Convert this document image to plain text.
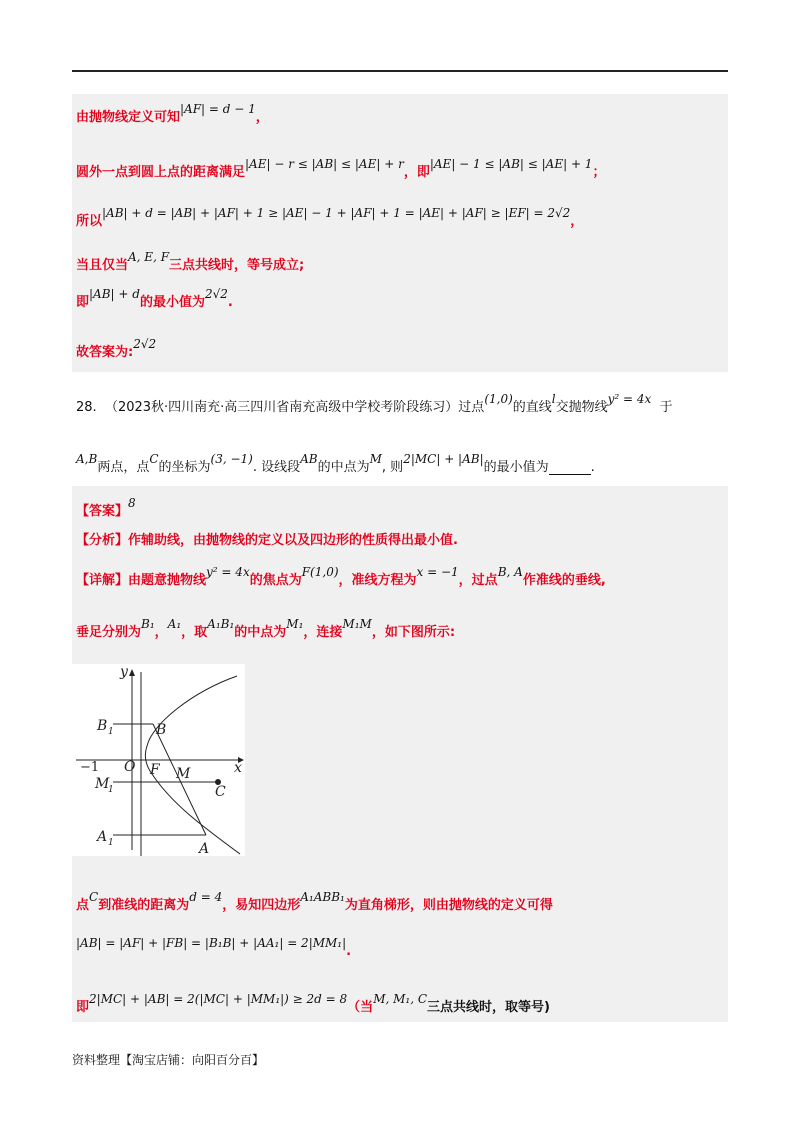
由抛物线定义可知|AF| = d − 1，
圆外一点到圆上点的距离满足|AE| − r ≤ |AB| ≤ |AE| + r，即|AE| − 1 ≤ |AB| ≤ |AE| + 1；
所以|AB| + d = |AB| + |AF| + 1 ≥ |AE| − 1 + |AF| + 1 = |AE| + |AF| ≥ |EF| = 2√2，
当且仅当A, E, F三点共线时，等号成立;
即|AB| + d的最小值为2√2.
故答案为:2√2
28. （2023秋·四川南充·高三四川省南充高级中学校考阶段练习）过点(1,0)的直线l交抛物线y² = 4x  于
A,B两点，点C的坐标为(3, −1). 设线段AB的中点为M, 则2|MC| + |AB|的最小值为	.
【答案】8
【分析】作辅助线，由抛物线的定义以及四边形的性质得出最小值.
【详解】由题意抛物线y² = 4x的焦点为F(1,0)，准线方程为x = −1，过点B, A作准线的垂线,
垂足分别为B₁，A₁，取A₁B₁的中点为M₁，连接M₁M，如下图所示:
y
x
B 1	B
−1 O F M
M
1	C
A 1	A
点C到准线的距离为d = 4，易知四边形A₁ABB₁为直角梯形，则由抛物线的定义可得
|AB| = |AF| + |FB| = |B₁B| + |AA₁| = 2|MM₁|.
即2|MC| + |AB| = 2(|MC| + |MM₁|) ≥ 2d = 8（当M, M₁, C三点共线时，取等号)
资料整理【淘宝店铺：向阳百分百】
